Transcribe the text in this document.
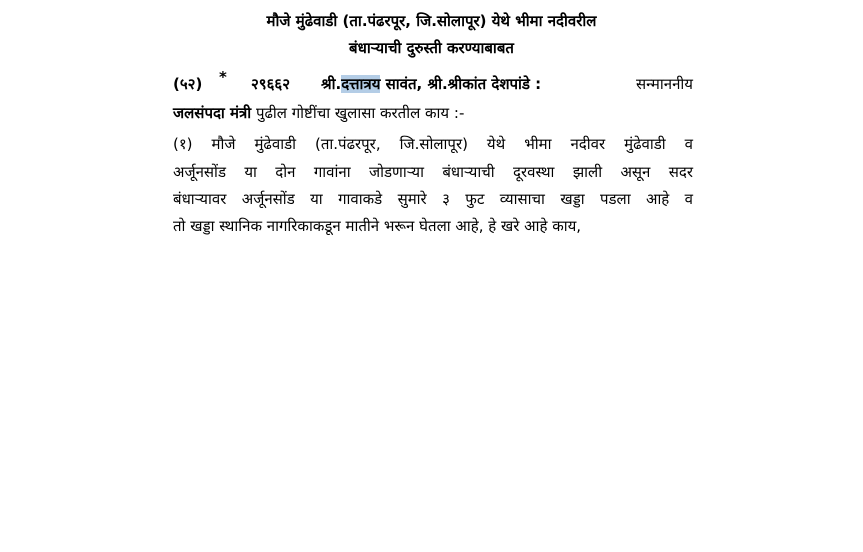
मौजे मुंढेवाडी (ता.पंढरपूर, जि.सोलापूर) येथे भीमा नदीवरील
बंधाऱ्याची दुरुस्ती करण्याबाबत
(५२) * २९६६२ श्री.दत्तात्रय सावंत, श्री.श्रीकांत देशपांडे :	सन्माननीय
जलसंपदा मंत्री पुढील गोष्टींचा खुलासा करतील काय :-
(१) मौजे मुंढेवाडी (ता.पंढरपूर, जि.सोलापूर) येथे भीमा नदीवर मुंढेवाडी व
अर्जूनसोंड या दोन गावांना जोडणाऱ्या बंधाऱ्याची दूरवस्था झाली असून सदर
बंधाऱ्यावर अर्जूनसोंड या गावाकडे सुमारे ३ फुट व्यासाचा खड्डा पडला आहे व
तो खड्डा स्थानिक नागरिकाकडून मातीने भरून घेतला आहे, हे खरे आहे काय,
